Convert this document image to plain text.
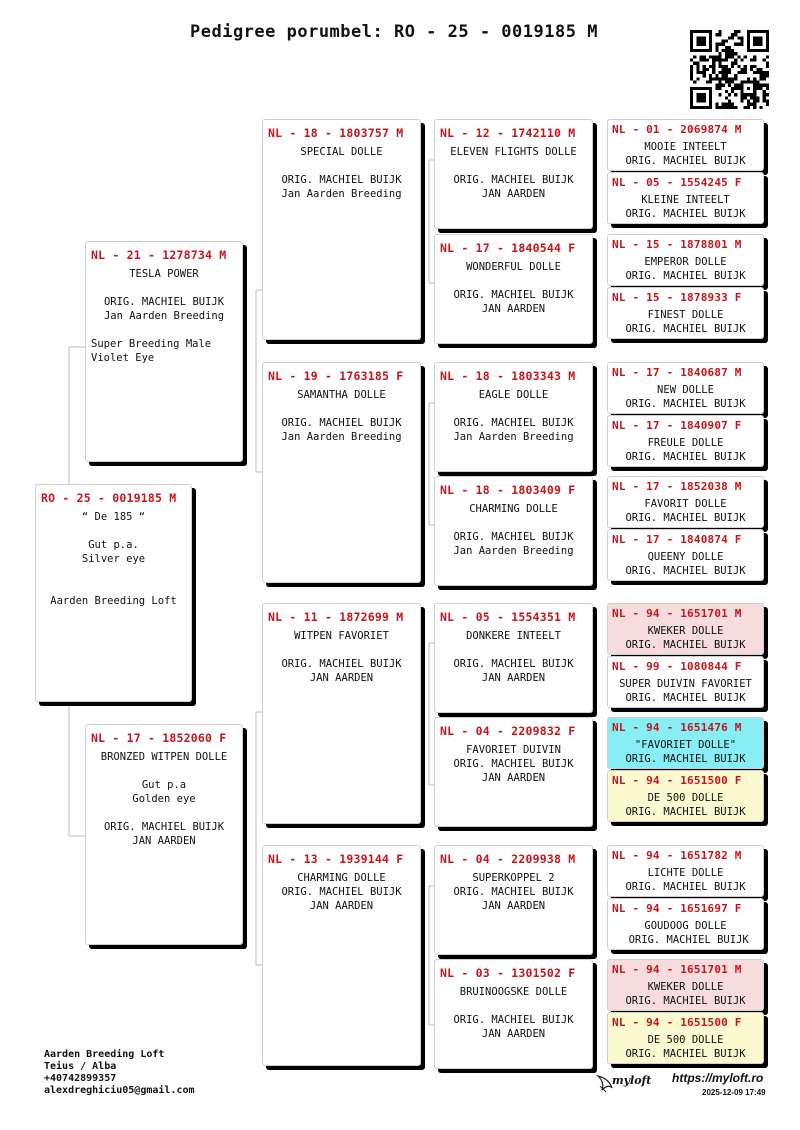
Pedigree porumbel: RO - 25 - 0019185 M
RO - 25 - 0019185 M
“ De 185 “

Gut p.a.
Silver eye

Aarden Breeding Loft
NL - 21 - 1278734 M
TESLA POWER

ORIG. MACHIEL BUIJK
Jan Aarden Breeding

Super Breeding Male
Violet Eye
NL - 17 - 1852060 F
BRONZED WITPEN DOLLE

Gut p.a
Golden eye

ORIG. MACHIEL BUIJK
JAN AARDEN
NL - 18 - 1803757 M
SPECIAL DOLLE

ORIG. MACHIEL BUIJK
Jan Aarden Breeding
NL - 19 - 1763185 F
SAMANTHA DOLLE

ORIG. MACHIEL BUIJK
Jan Aarden Breeding
NL - 11 - 1872699 M
WITPEN FAVORIET

ORIG. MACHIEL BUIJK
JAN AARDEN
NL - 13 - 1939144 F
CHARMING DOLLE
ORIG. MACHIEL BUIJK
JAN AARDEN
NL - 12 - 1742110 M
ELEVEN FLIGHTS DOLLE

ORIG. MACHIEL BUIJK
JAN AARDEN
NL - 17 - 1840544 F
WONDERFUL DOLLE

ORIG. MACHIEL BUIJK
JAN AARDEN
NL - 18 - 1803343 M
EAGLE DOLLE

ORIG. MACHIEL BUIJK
Jan Aarden Breeding
NL - 18 - 1803409 F
CHARMING DOLLE

ORIG. MACHIEL BUIJK
Jan Aarden Breeding
NL - 05 - 1554351 M
DONKERE INTEELT

ORIG. MACHIEL BUIJK
JAN AARDEN
NL - 04 - 2209832 F
FAVORIET DUIVIN
ORIG. MACHIEL BUIJK
JAN AARDEN
NL - 04 - 2209938 M
SUPERKOPPEL 2
ORIG. MACHIEL BUIJK
JAN AARDEN
NL - 03 - 1301502 F
BRUINOOGSKE DOLLE

ORIG. MACHIEL BUIJK
JAN AARDEN
NL - 01 - 2069874 M
MOOIE INTEELT
ORIG. MACHIEL BUIJK
NL - 05 - 1554245 F
KLEINE INTEELT
ORIG. MACHIEL BUIJK
NL - 15 - 1878801 M
EMPEROR DOLLE
ORIG. MACHIEL BUIJK
NL - 15 - 1878933 F
FINEST DOLLE
ORIG. MACHIEL BUIJK
NL - 17 - 1840687 M
NEW DOLLE
ORIG. MACHIEL BUIJK
NL - 17 - 1840907 F
FREULE DOLLE
ORIG. MACHIEL BUIJK
NL - 17 - 1852038 M
FAVORIT DOLLE
ORIG. MACHIEL BUIJK
NL - 17 - 1840874 F
QUEENY DOLLE
ORIG. MACHIEL BUIJK
NL - 94 - 1651701 M
KWEKER DOLLE
ORIG. MACHIEL BUIJK
NL - 99 - 1080844 F
SUPER DUIVIN FAVORIET
ORIG. MACHIEL BUIJK
NL - 94 - 1651476 M
"FAVORIET DOLLE"
ORIG. MACHIEL BUIJK
NL - 94 - 1651500 F
DE 500 DOLLE
ORIG. MACHIEL BUIJK
NL - 94 - 1651782 M
LICHTE DOLLE
ORIG. MACHIEL BUIJK
NL - 94 - 1651697 F
GOUDOOG DOLLE
ORIG. MACHIEL BUIJK
NL - 94 - 1651701 M
KWEKER DOLLE
ORIG. MACHIEL BUIJK
NL - 94 - 1651500 F
DE 500 DOLLE
ORIG. MACHIEL BUIJK
Aarden Breeding Loft
Teius / Alba
+40742899357
alexdreghiciu05@gmail.com
myloft https://myloft.ro
2025-12-09 17:49
